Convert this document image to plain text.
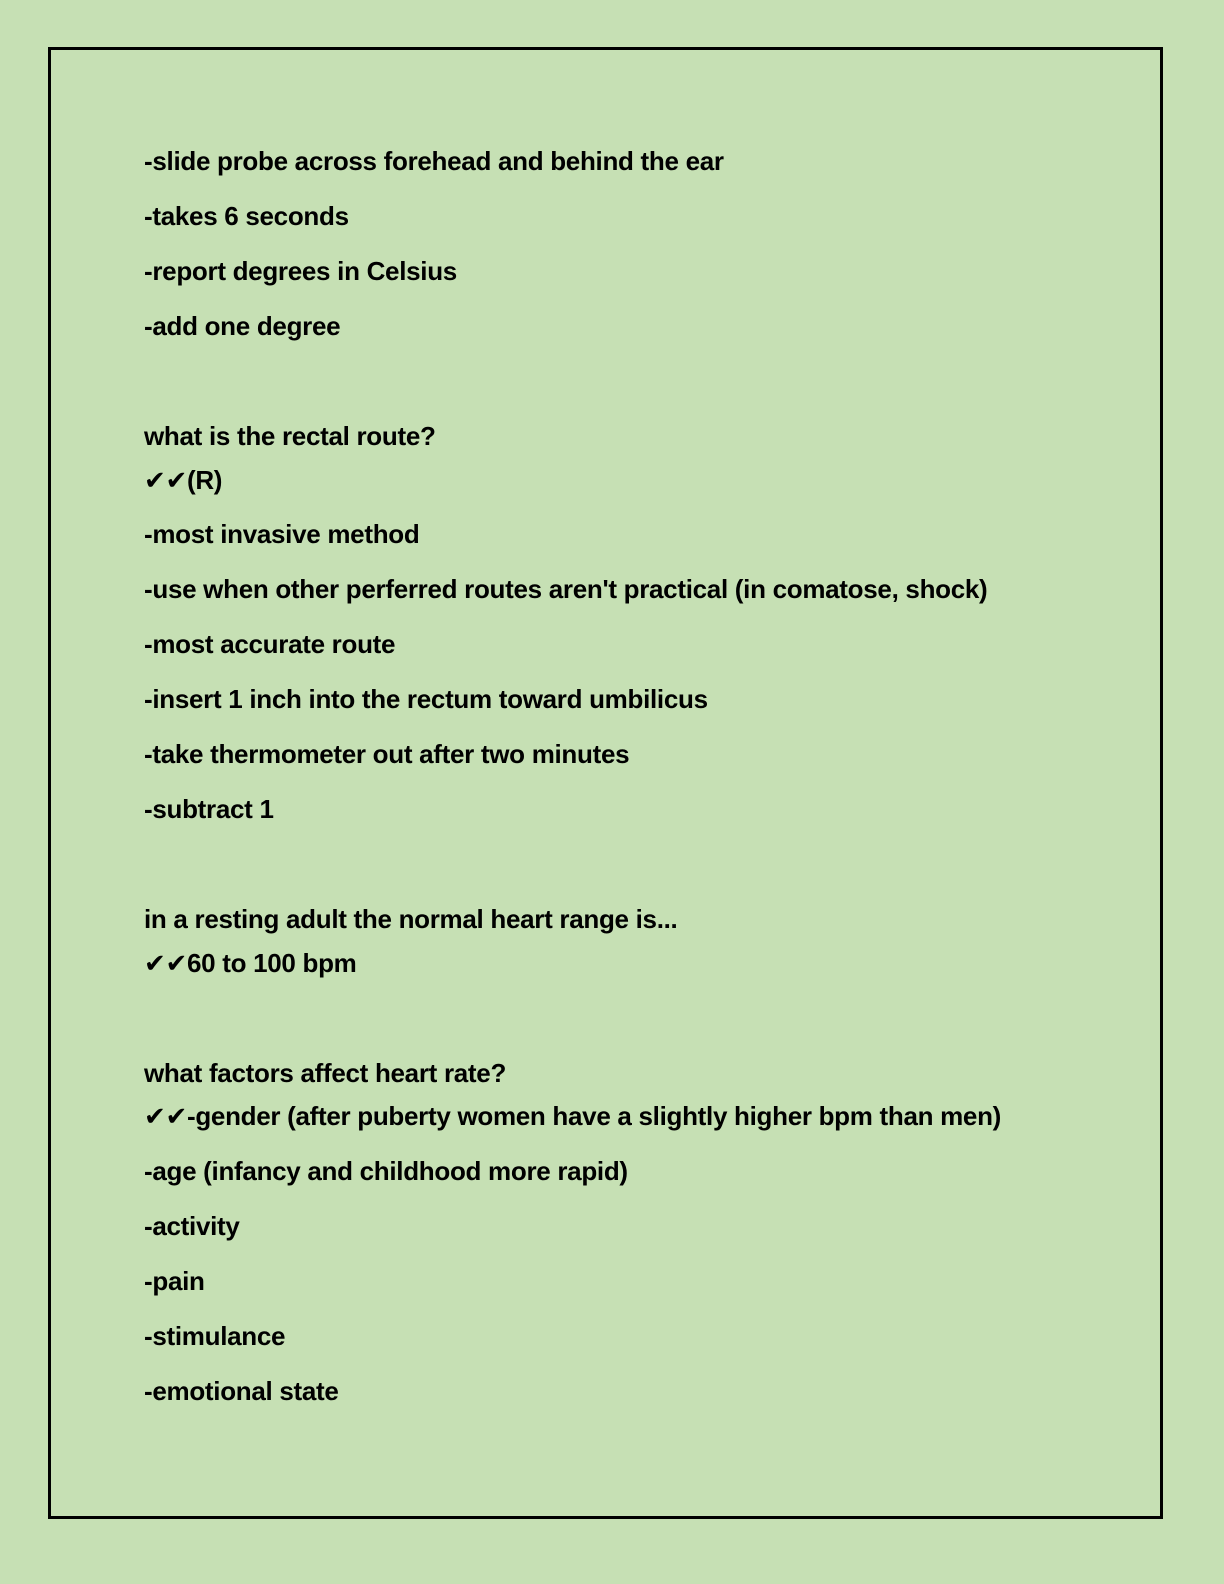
-slide probe across forehead and behind the ear
-takes 6 seconds
-report degrees in Celsius
-add one degree
what is the rectal route?
✔✔(R)
-most invasive method
-use when other perferred routes aren't practical (in comatose, shock)
-most accurate route
-insert 1 inch into the rectum toward umbilicus
-take thermometer out after two minutes
-subtract 1
in a resting adult the normal heart range is...
✔✔60 to 100 bpm
what factors affect heart rate?
✔✔-gender (after puberty women have a slightly higher bpm than men)
-age (infancy and childhood more rapid)
-activity
-pain
-stimulance
-emotional state
